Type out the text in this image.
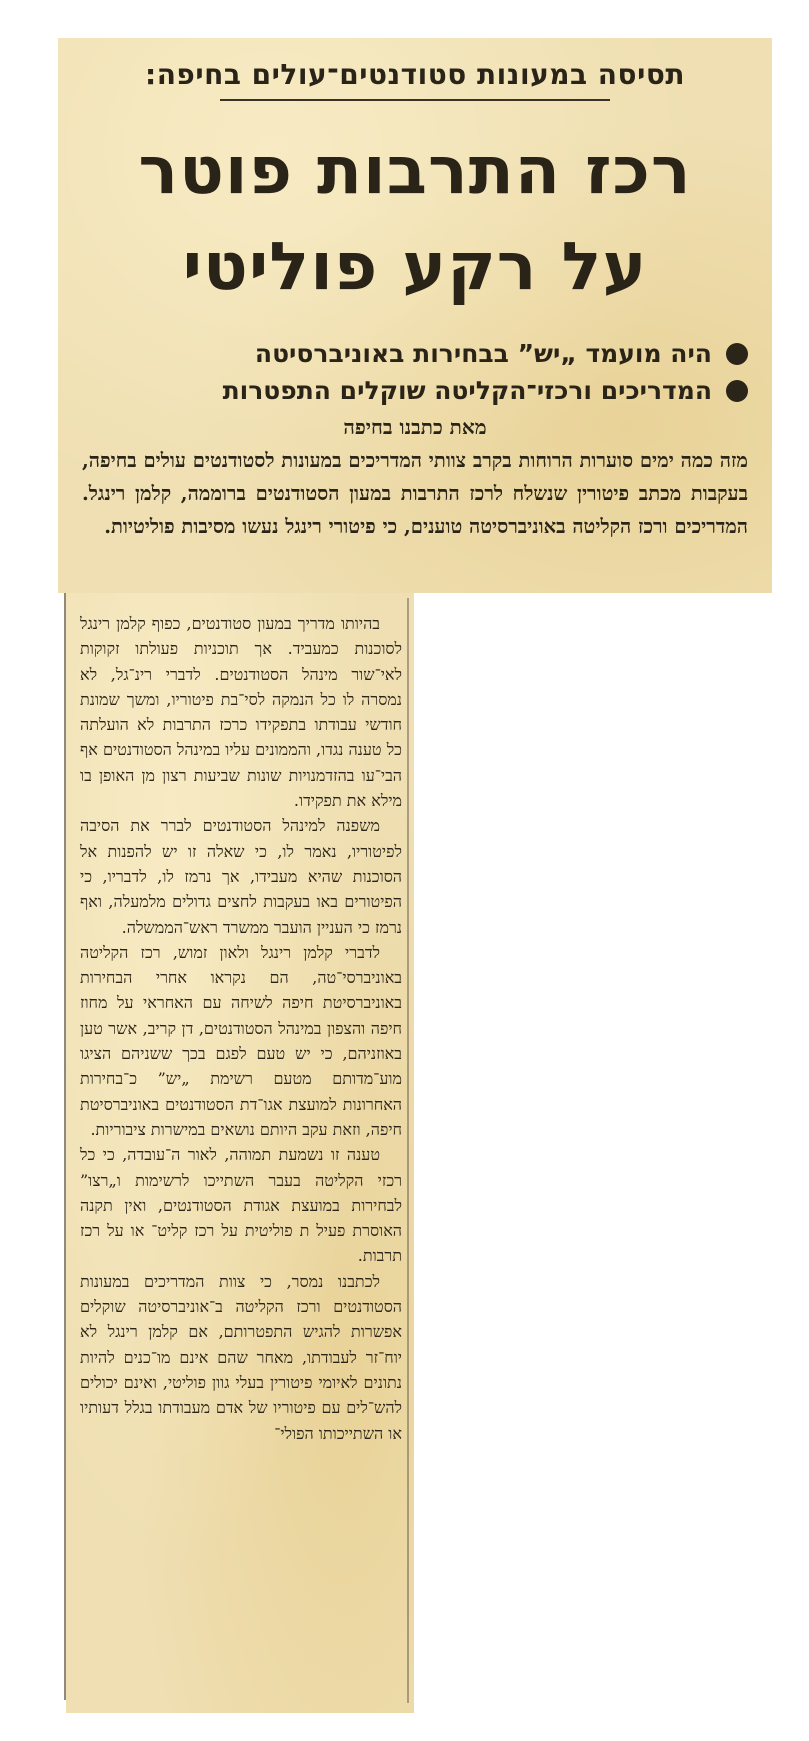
תסיסה במעונות סטודנטים־עולים בחיפה:
רכז התרבות פוטר
על רקע פוליטי
היה מועמד „יש” בבחירות באוניברסיטה
המדריכים ורכזי־הקליטה שוקלים התפטרות
מאת כתבנו בחיפה

מזה כמה ימים סוערות הרוחות בקרב צוותי המדריכים במעונות לסטודנטים עולים בחיפה, בעקבות מכתב פיטורין שנשלח לרכז התרבות במעון הסטודנטים ברוממה, קלמן רינגל. המדריכים ורכז הקליטה באוניברסיטה טוענים, כי פיטורי רינגל נעשו מסיבות פוליטיות.

בהיותו מדריך במעון סטודנטים, כפוף קלמן רינגל לסוכנות כמעביד. אך תוכניות פעולתו זקוקות לאי־שור מינהל הסטודנטים. לדברי רינ־גל, לא נמסרה לו כל הנמקה לסי־בת פיטוריו, ומשך שמונת חודשי עבודתו בתפקידו כרכז התרבות לא הועלתה כל טענה נגדו, והממונים עליו במינהל הסטודנטים אף הבי־עו בהזדמנויות שונות שביעות רצון מן האופן בו מילא את תפקידו.

משפנה למינהל הסטודנטים לברר את הסיבה לפיטוריו, נאמר לו, כי שאלה זו יש להפנות אל הסוכנות שהיא מעבידו, אך נרמז לו, לדבריו, כי הפיטורים באו בעקבות לחצים גדולים מלמעלה, ואף נרמז כי העניין הועבר ממשרד ראש־הממשלה.

לדברי קלמן רינגל ולאון זמוש, רכז הקליטה באוניברסי־טה, הם נקראו אחרי הבחירות באוניברסיטת חיפה לשיחה עם האחראי על מחוז חיפה והצפון במינהל הסטודנטים, דן קריב, אשר טען באוזניהם, כי יש טעם לפגם בכך ששניהם הציגו מוע־מדותם מטעם רשימת „יש” כ־בחירות האחרונות למועצת אגו־דת הסטודנטים באוניברסיטת חיפה, וזאת עקב היותם נושאים במישרות ציבוריות.

טענה זו נשמעת תמוהה, לאור ה־עובדה, כי כל רכזי הקליטה בעבר השתייכו לרשימות ו„רצו” לבחירות במועצת אגודת הסטודנטים, ואין תקנה האוסרת פעיל ת פוליטית על רכז קליט־ או על רכז תרבות.

לכתבנו נמסר, כי צוות המדריכים במעונות הסטודנטים ורכז הקליטה ב־אוניברסיטה שוקלים אפשרות להגיש התפטרותם, אם קלמן רינגל לא יוח־זר לעבודתו, מאחר שהם אינם מו־כנים להיות נתונים לאיומי פיטורין בעלי גוון פוליטי, ואינם יכולים להש־לים עם פיטוריו של אדם מעבודתו בגלל דעותיו או השתייכותו הפולי־
